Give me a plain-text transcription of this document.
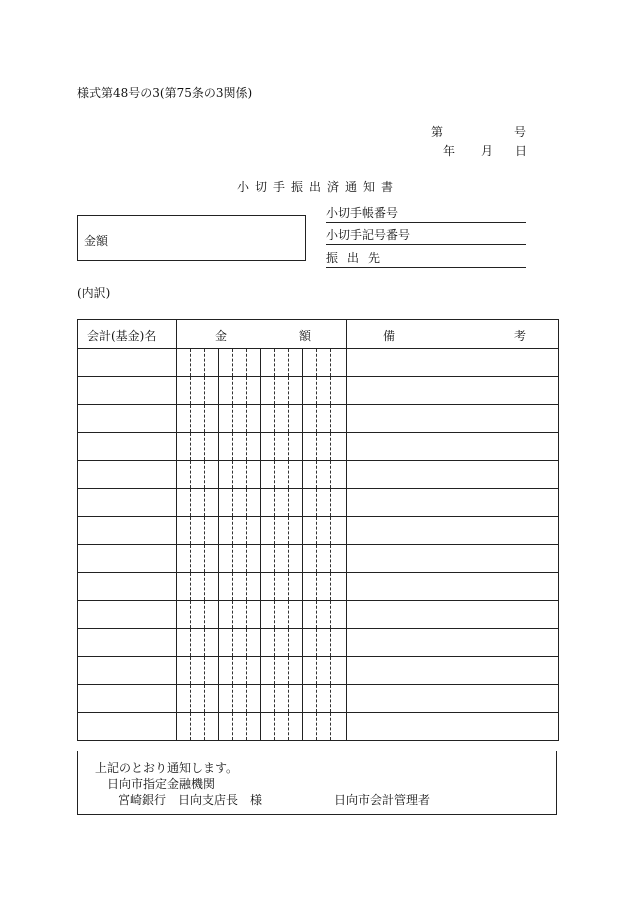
様式第48号の3(第75条の3関係)
第	号
年 月 日
小切手振出済通知書
金額
小切手帳番号
小切手記号番号
振出先
(内訳)
会計(基金)名	金 額	備 考

上記のとおり通知します。
日向市指定金融機関
宮崎銀行　日向支店長　様	日向市会計管理者
